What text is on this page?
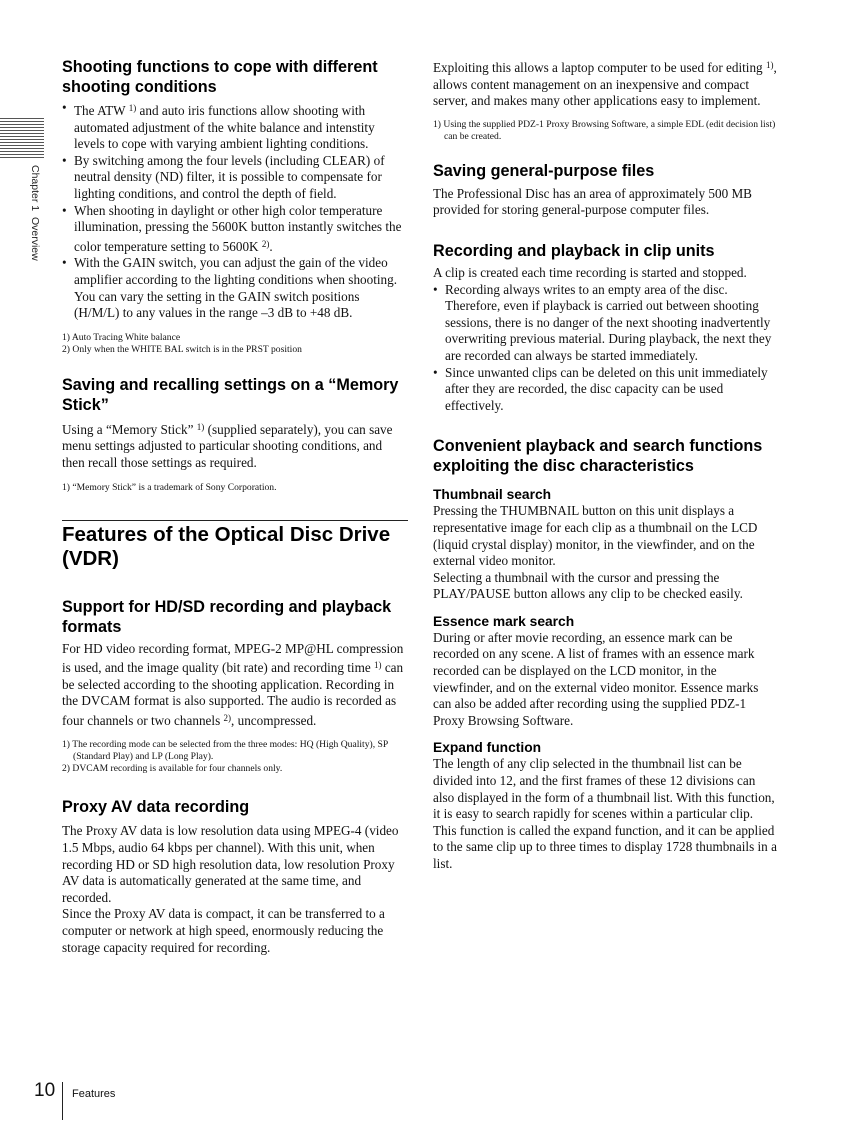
Chapter 1  Overview
Shooting functions to cope with different shooting conditions
• The ATW $^{1)}$ and auto iris functions allow shooting with automated adjustment of the white balance and intenstity levels to cope with varying ambient lighting conditions.
• By switching among the four levels (including CLEAR) of neutral density (ND) filter, it is possible to compensate for lighting conditions, and control the depth of field.
• When shooting in daylight or other high color temperature illumination, pressing the 5600K button instantly switches the color temperature setting to 5600K $^{2)}$.
• With the GAIN switch, you can adjust the gain of the video amplifier according to the lighting conditions when shooting. You can vary the setting in the GAIN switch positions (H/M/L) to any values in the range –3 dB to +48 dB.

1) Auto Tracing White balance

2) Only when the WHITE BAL switch is in the PRST position

Saving and recalling settings on a “Memory Stick”

Using a “Memory Stick” $^{1)}$ (supplied separately), you can save menu settings adjusted to particular shooting conditions, and then recall those settings as required.

1) “Memory Stick” is a trademark of Sony Corporation.

Features of the Optical Disc Drive (VDR)
Support for HD/SD recording and playback formats

For HD video recording format, MPEG-2 MP@HL compression is used, and the image quality (bit rate) and recording time $^{1)}$ can be selected according to the shooting application. Recording in the DVCAM format is also supported. The audio is recorded as four channels or two channels $^{2)}$, uncompressed.

1) The recording mode can be selected from the three modes: HQ (High Quality), SP (Standard Play) and LP (Long Play).

2) DVCAM recording is available for four channels only.

Proxy AV data recording

The Proxy AV data is low resolution data using MPEG-4 (video 1.5 Mbps, audio 64 kbps per channel). With this unit, when recording HD or SD high resolution data, low resolution Proxy AV data is automatically generated at the same time, and recorded.

Since the Proxy AV data is compact, it can be transferred to a computer or network at high speed, enormously reducing the storage capacity required for recording.

Exploiting this allows a laptop computer to be used for editing $^{1)}$, allows content management on an inexpensive and compact server, and makes many other applications easy to implement.

1) Using the supplied PDZ-1 Proxy Browsing Software, a simple EDL (edit decision list) can be created.

Saving general-purpose files

The Professional Disc has an area of approximately 500 MB provided for storing general-purpose computer files.

Recording and playback in clip units

A clip is created each time recording is started and stopped.

• Recording always writes to an empty area of the disc. Therefore, even if playback is carried out between shooting sessions, there is no danger of the next shooting inadvertently overwriting previous material. During playback, the next they are recorded can always be started immediately.
• Since unwanted clips can be deleted on this unit immediately after they are recorded, the disc capacity can be used effectively.
Convenient playback and search functions exploiting the disc characteristics
Thumbnail search

Pressing the THUMBNAIL button on this unit displays a representative image for each clip as a thumbnail on the LCD (liquid crystal display) monitor, in the viewfinder, and on the external video monitor.

Selecting a thumbnail with the cursor and pressing the PLAY/PAUSE button allows any clip to be checked easily.

Essence mark search

During or after movie recording, an essence mark can be recorded on any scene. A list of frames with an essence mark recorded can be displayed on the LCD monitor, in the viewfinder, and on the external video monitor. Essence marks can also be added after recording using the supplied PDZ-1 Proxy Browsing Software.

Expand function

The length of any clip selected in the thumbnail list can be divided into 12, and the first frames of these 12 divisions can also displayed in the form of a thumbnail list. With this function, it is easy to search rapidly for scenes within a particular clip. This function is called the expand function, and it can be applied to the same clip up to three times to display 1728 thumbnails in a list.

10 Features
